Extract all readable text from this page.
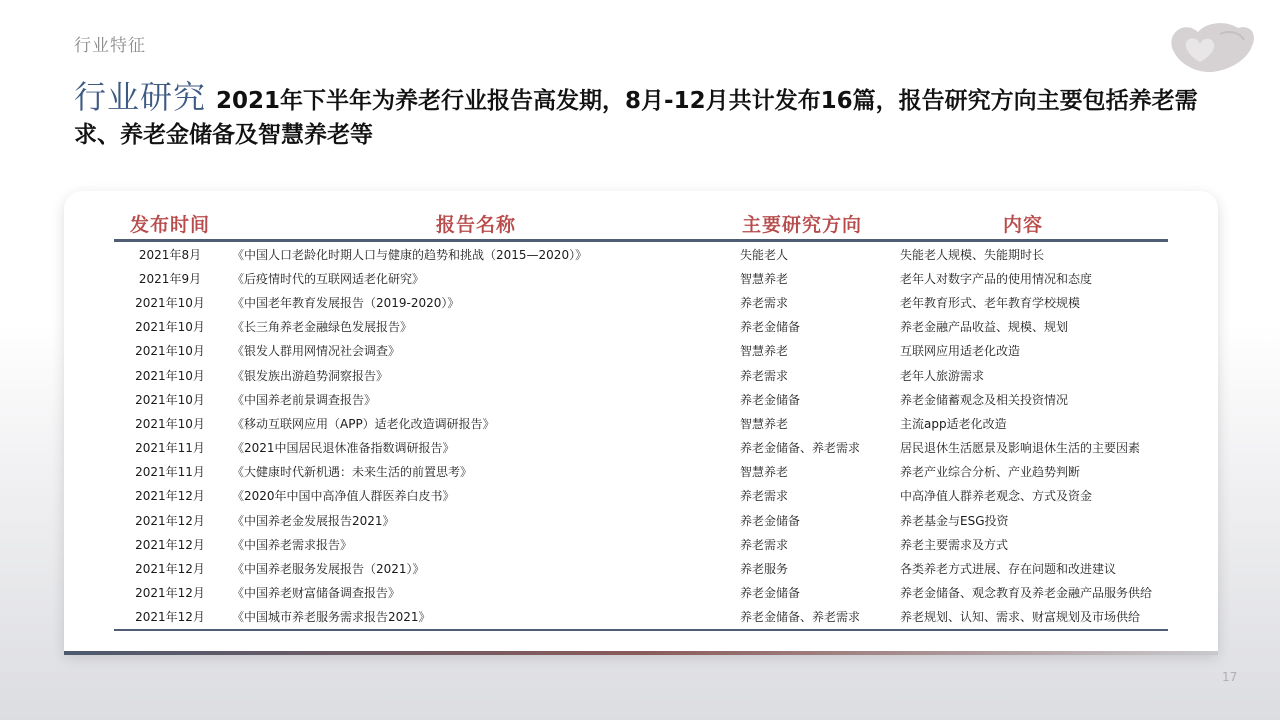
行业特征
行业研究 2021年下半年为养老行业报告高发期，8月-12月共计发布16篇，报告研究方向主要包括养老需求、养老金储备及智慧养老等
发布时间	报告名称	主要研究方向	内容
2021年8月	《中国人口老龄化时期人口与健康的趋势和挑战（2015—2020）》	失能老人	失能老人规模、失能期时长
2021年9月	《后疫情时代的互联网适老化研究》	智慧养老	老年人对数字产品的使用情况和态度
2021年10月	《中国老年教育发展报告（2019-2020）》	养老需求	老年教育形式、老年教育学校规模
2021年10月	《长三角养老金融绿色发展报告》	养老金储备	养老金融产品收益、规模、规划
2021年10月	《银发人群用网情况社会调查》	智慧养老	互联网应用适老化改造
2021年10月	《银发族出游趋势洞察报告》	养老需求	老年人旅游需求
2021年10月	《中国养老前景调查报告》	养老金储备	养老金储蓄观念及相关投资情况
2021年10月	《移动互联网应用（APP）适老化改造调研报告》	智慧养老	主流app适老化改造
2021年11月	《2021中国居民退休准备指数调研报告》	养老金储备、养老需求	居民退休生活愿景及影响退休生活的主要因素
2021年11月	《大健康时代新机遇：未来生活的前置思考》	智慧养老	养老产业综合分析、产业趋势判断
2021年12月	《2020年中国中高净值人群医养白皮书》	养老需求	中高净值人群养老观念、方式及资金
2021年12月	《中国养老金发展报告2021》	养老金储备	养老基金与ESG投资
2021年12月	《中国养老需求报告》	养老需求	养老主要需求及方式
2021年12月	《中国养老服务发展报告（2021）》	养老服务	各类养老方式进展、存在问题和改进建议
2021年12月	《中国养老财富储备调查报告》	养老金储备	养老金储备、观念教育及养老金融产品服务供给
2021年12月	《中国城市养老服务需求报告2021》	养老金储备、养老需求	养老规划、认知、需求、财富规划及市场供给
17
